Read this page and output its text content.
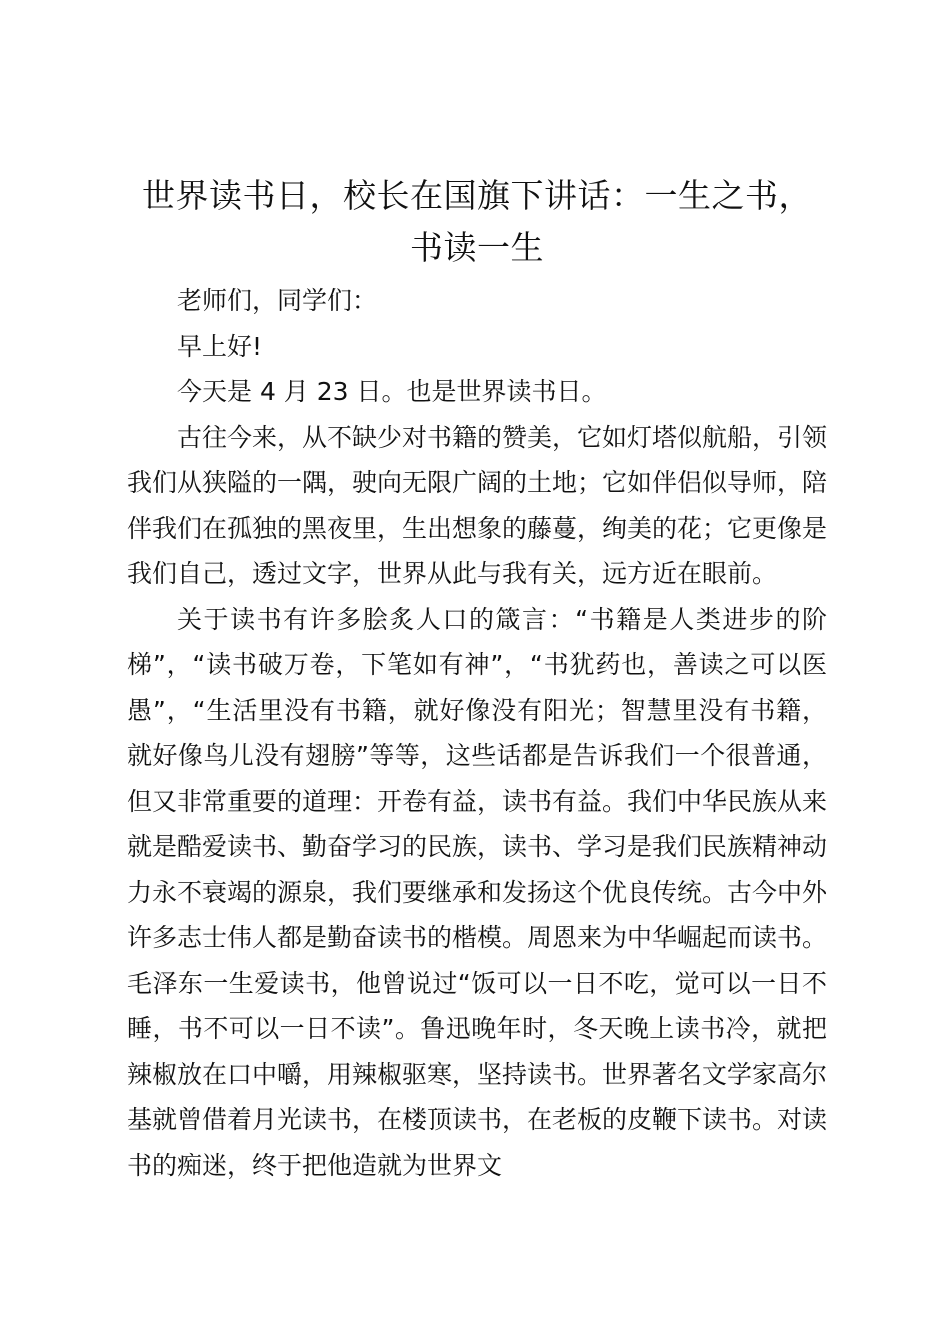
世界读书日，校长在国旗下讲话：一生之书，
书读一生

老师们，同学们：

早上好!

今天是 4 月 23 日。也是世界读书日。

古往今来，从不缺少对书籍的赞美，它如灯塔似航船，引领我们从狭隘的一隅，驶向无限广阔的土地；它如伴侣似导师，陪伴我们在孤独的黑夜里，生出想象的藤蔓，绚美的花；它更像是我们自己，透过文字，世界从此与我有关，远方近在眼前。

关于读书有许多脍炙人口的箴言：“书籍是人类进步的阶梯”，“读书破万卷，下笔如有神”，“书犹药也，善读之可以医愚”，“生活里没有书籍，就好像没有阳光；智慧里没有书籍，就好像鸟儿没有翅膀”等等，这些话都是告诉我们一个很普通，但又非常重要的道理：开卷有益，读书有益。我们中华民族从来就是酷爱读书、勤奋学习的民族，读书、学习是我们民族精神动力永不衰竭的源泉，我们要继承和发扬这个优良传统。古今中外许多志士伟人都是勤奋读书的楷模。周恩来为中华崛起而读书。毛泽东一生爱读书，他曾说过“饭可以一日不吃，觉可以一日不睡，书不可以一日不读”。鲁迅晚年时，冬天晚上读书冷，就把辣椒放在口中嚼，用辣椒驱寒，坚持读书。世界著名文学家高尔基就曾借着月光读书，在楼顶读书，在老板的皮鞭下读书。对读书的痴迷，终于把他造就为世界文
